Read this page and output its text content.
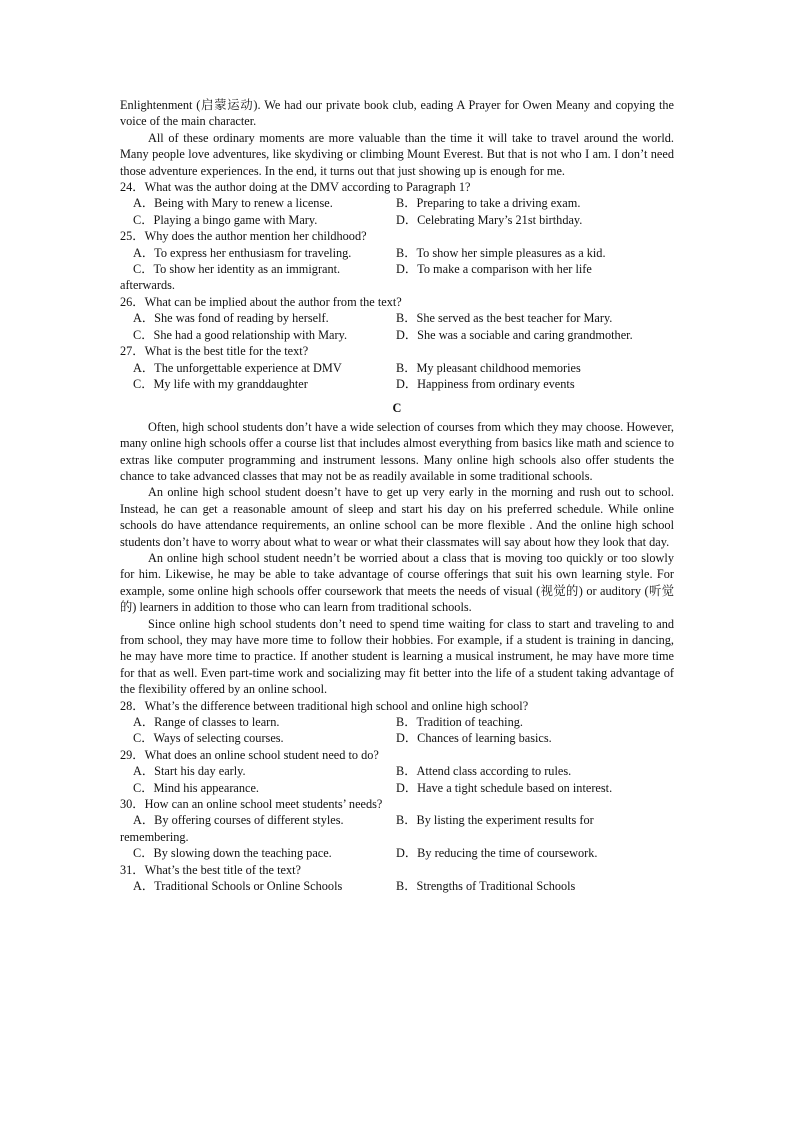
Enlightenment (启蒙运动). We had our private book club, eading A Prayer for Owen Meany and copying the voice of the main character.

All of these ordinary moments are more valuable than the time it will take to travel around the world. Many people love adventures, like skydiving or climbing Mount Everest. But that is not who I am. I don’t need those adventure experiences. In the end, it turns out that just showing up is enough for me.

24．What was the author doing at the DMV according to Paragraph 1?
A．Being with Mary to renew a license.	B．Preparing to take a driving exam.
C．Playing a bingo game with Mary.	D．Celebrating Mary’s 21st birthday.
25．Why does the author mention her childhood?
A．To express her enthusiasm for traveling.	B．To show her simple pleasures as a kid.
C．To show her identity as an immigrant.	D．To make a comparison with her life
afterwards.
26．What can be implied about the author from the text?
A．She was fond of reading by herself.	B．She served as the best teacher for Mary.
C．She had a good relationship with Mary.	D．She was a sociable and caring grandmother.
27．What is the best title for the text?
A．The unforgettable experience at DMV	B．My pleasant childhood memories
C．My life with my granddaughter	D．Happiness from ordinary events
C

Often, high school students don’t have a wide selection of courses from which they may choose. However, many online high schools offer a course list that includes almost everything from basics like math and science to extras like computer programming and instrument lessons. Many online high schools also offer students the chance to take advanced classes that may not be as readily available in some traditional schools.

An online high school student doesn’t have to get up very early in the morning and rush out to school. Instead, he can get a reasonable amount of sleep and start his day on his preferred schedule. While online schools do have attendance requirements, an online school can be more flexible . And the online high school students don’t have to worry about what to wear or what their classmates will say about how they look that day.

An online high school student needn’t be worried about a class that is moving too quickly or too slowly for him. Likewise, he may be able to take advantage of course offerings that suit his own learning style. For example, some online high schools offer coursework that meets the needs of visual (视觉的) or auditory (听觉的) learners in addition to those who can learn from traditional schools.

Since online high school students don’t need to spend time waiting for class to start and traveling to and from school, they may have more time to follow their hobbies. For example, if a student is training in dancing, he may have more time to practice. If another student is learning a musical instrument, he may have more time for that as well. Even part-time work and socializing may fit better into the life of a student taking advantage of the flexibility offered by an online school.

28．What’s the difference between traditional high school and online high school?
A．Range of classes to learn.	B．Tradition of teaching.
C．Ways of selecting courses.	D．Chances of learning basics.
29．What does an online school student need to do?
A．Start his day early.	B．Attend class according to rules.
C．Mind his appearance.	D．Have a tight schedule based on interest.
30．How can an online school meet students’ needs?
A．By offering courses of different styles.	B．By listing the experiment results for
remembering.
C．By slowing down the teaching pace.	D．By reducing the time of coursework.
31．What’s the best title of the text?
A．Traditional Schools or Online Schools	B．Strengths of Traditional Schools
